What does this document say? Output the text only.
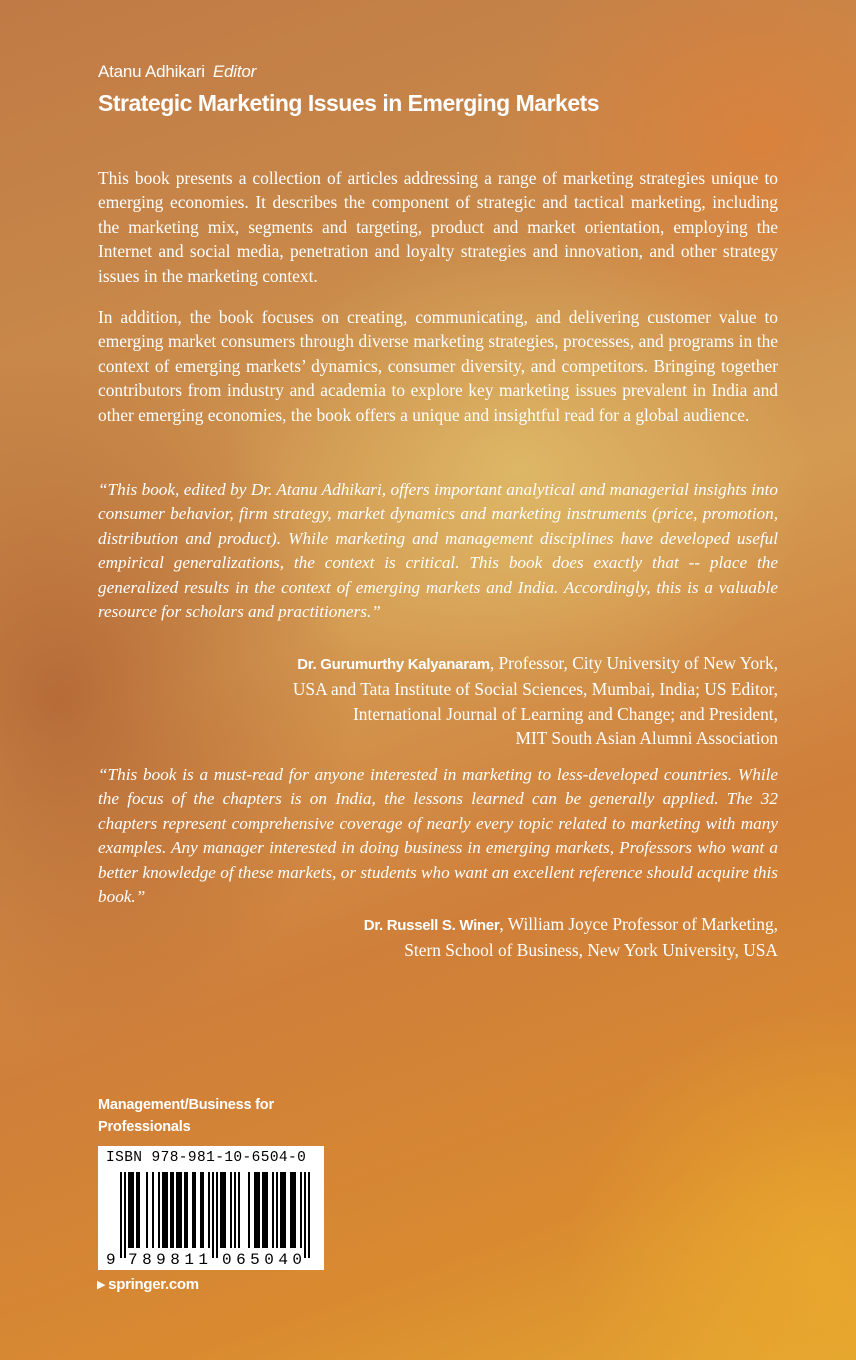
Atanu Adhikari Editor
Strategic Marketing Issues in Emerging Markets

This book presents a collection of articles addressing a range of marketing strategies unique to emerging economies. It describes the component of strategic and tactical marketing, including the marketing mix, segments and targeting, product and market orientation, employing the Internet and social media, penetration and loyalty strategies and innovation, and other strategy issues in the marketing context.

In addition, the book focuses on creating, communicating, and delivering customer value to emerging market consumers through diverse marketing strategies, processes, and programs in the context of emerging markets’ dynamics, consumer diversity, and competitors. Bringing together contributors from industry and academia to explore key marketing issues prevalent in India and other emerging economies, the book offers a unique and insightful read for a global audience.

“This book, edited by Dr. Atanu Adhikari, offers important analytical and managerial insights into consumer behavior, firm strategy, market dynamics and marketing instruments (price, promotion, distribution and product). While marketing and management disciplines have developed useful empirical generalizations, the context is critical. This book does exactly that -- place the generalized results in the context of emerging markets and India. Accordingly, this is a valuable resource for scholars and practitioners.”

Dr. Gurumurthy Kalyanaram, Professor, City University of New York,
USA and Tata Institute of Social Sciences, Mumbai, India; US Editor,
International Journal of Learning and Change; and President,
MIT South Asian Alumni Association

“This book is a must-read for anyone interested in marketing to less-developed countries. While the focus of the chapters is on India, the lessons learned can be generally applied. The 32 chapters represent comprehensive coverage of nearly every topic related to marketing with many examples. Any manager interested in doing business in emerging markets, Professors who want a better knowledge of these markets, or students who want an excellent reference should acquire this book.”

Dr. Russell S. Winer, William Joyce Professor of Marketing,
Stern School of Business, New York University, USA
Management/Business for
Professionals
ISBN 978-981-10-6504-0
9 789811 065040
▶ springer.com
